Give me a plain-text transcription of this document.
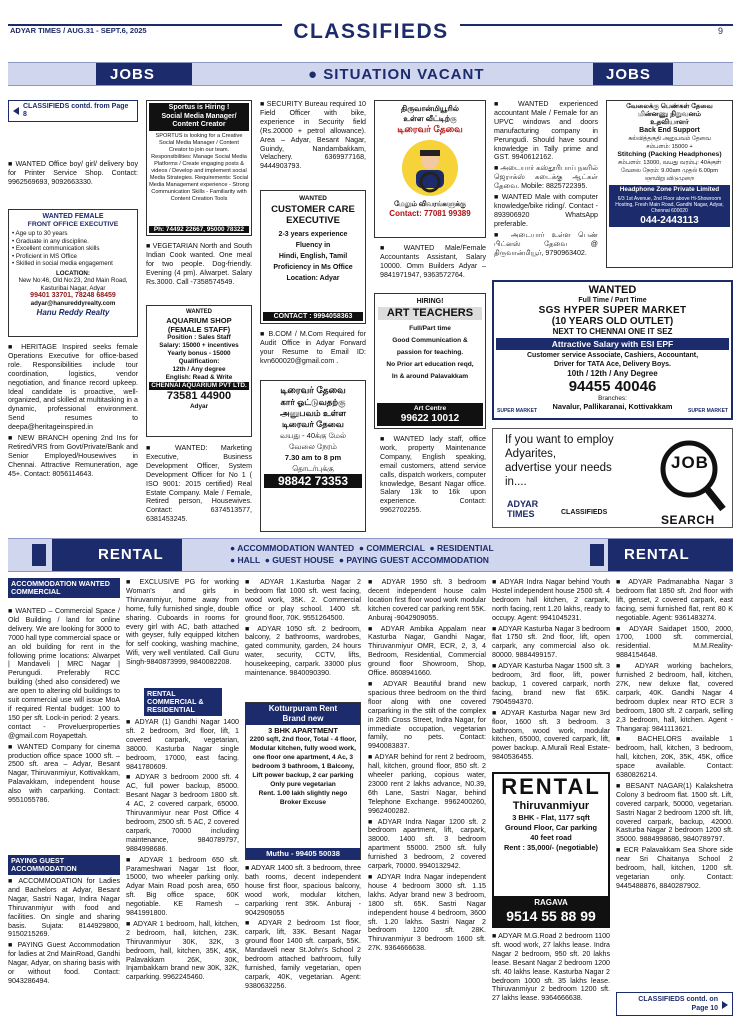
ADYAR TIMES / AUG.31 - SEPT.6, 2025	CLASSIFIEDS	9
JOBS	● SITUATION VACANT	JOBS
CLASSIFIEDS contd. from Page 8

■ WANTED Office boy/ girl/ delivery boy for Printer Service Shop. Contact: 9962569693, 9092663330.

WANTED FEMALE
FRONT OFFICE EXECUTIVE
• Age up to 30 years
• Graduate in any discipline.
• Excellent communication skills
• Proficient in MS Office
• Skilled in social media engagement
LOCATION:
New No:46, Old No:23, 2nd Main Road, Kasturibai Nagar, Adyar
99401 33701, 78248 68459
adyar@hanureddyrealty.com
Hanu Reddy Realty

■ HERITAGE Inspired seeks female Operations Executive for office-based role. Responsibilities include tour coordination, logistics, vendor negotiation, and finance record upkeep. Ideal candidate is proactive, well-organized, and skilled at multitasking in a dynamic, professional environment. Send resumes to deepa@heritageinspired.in

■ NEW BRANCH opening 2nd Ins for Retired/VRS from Govt/Private/Bank and Senior Employed/Housewives in Chennai. Attractive Remuneration, age 45+. Contact: 8056114643.

Sportus is Hiring !
Social Media Manager/ Content Creator
SPORTUS is looking for a Creative Social Media Manager / Content Creator to join our team. Responsibilities: Manage Social Media Platforms / Create engaging posts & videos / Develop and implement social Media Strategies. Requirements: Social Media Management experience - Strong Communication Skills - Familiarity with Content Creation Tools
Ph: 74492 22667, 95000 78322

■ VEGETARIAN North and South Indian Cook wanted. One meal for two people. Dog-friendly. Evening (4 pm). Alwarpet. Salary Rs.3000. Call -7358574549.

WANTED
AQUARIUM SHOP (FEMALE STAFF)
Position : Sales Staff
Salary: 15000 + incentives
Yearly bonus - 15000
Qualification:
12th / Any degree
English: Read & Write
CHENNAI AQUARIUM PVT LTD.
73581 44900
Adyar

■ WANTED: Marketing Executive, Business Development Officer, System Development Officer for No 1 ( ISO 9001: 2015 certified) Real Estate Company. Male / Female, Retired person, Housewives. Contact: 6374513577, 6381453245.

■ SECURITY Bureau required 10 Field Officer with bike, experience in Security field (Rs.20000 + petrol allowance). Area – Adyar, Besant Nagar, Guindy, Nandambakkam, Velachery. 6369977168, 9444903793.

WANTED
CUSTOMER CARE
EXECUTIVE
2-3 years experience
Fluency in
Hindi, English, Tamil
Proficiency in Ms Office
Location: Adyar
CONTACT : 9994058363

■ B.COM / M.Com Required for Audit Office in Adyar Forward your Resume to Email ID: kvn600020@gmail.com .

டிரைவர் தேவை
கார் ஓட்டுவதற்கு
அனுபவம் உள்ள
டிரைவர் தேவை
வயது - 40க்கு மேல்
வேலை நேரம்
7.30 am to 8 pm
தொடர்புக்கு
98842 73353
திருவான்மியூரில்
உள்ள வீட்டிற்கு
டிரைவர் தேவை
மேலும் விவரங்களுக்கு
Contact: 77081 99389

■ WANTED Male/Female Accountants Assistant, Salary 10000. Omm Builders Adyar – 9841971947, 9363572764.

HIRING!
ART TEACHERS
Full/Part time
Good Communication &
passion for teaching.
No Prior art education reqd,
In & around Palavakkam
Art Centre
99622 10012

■ WANTED lady staff, office work, property Maintenance Company, English speaking, email customers, attend service calls, dispatch workers, computer knowledge, Besant Nagar office. Salary 13k to 16k upon experience. Contact: 9962702255.

■ WANTED experienced accountant Male / Female for an UPVC windows and doors manufacturing company in Perungudi. Should have sound knowledge in Tally prime and GST. 9940612162.

■ அடையார் கஸ்தூரிபாய் நகரில் ஜெராக்ஸ் கடைக்கு ஆட்கள் தேவை. Mobile: 8825722395.

■ WANTED Male with computer knowledge/bike riding/. Contact - 893906920 WhatsApp preferable.

■ அடையார் உள்ள பெண் பிட்னஸ் தேவை @ திருவான்மியூர், 9790963402.

வேலைக்கு பெண்கள் தேவை
மின்னணு நிறுவனம்
உதவியாளர்
Back End Support
கல்வித்தகுதி அனுபவம் தேவை
சம்பளம்: 15000 +
Stitching (Packing Headphones)
சம்பளம்: 13000, வயது வரம்பு: 40க்குள்
வேலை நேரம்: 9.00am முதல் 6.00pm
ஞாயிறு விடுமுறை
Headphone Zone Private Limited
6/3 1st Avenue, 2nd Floor above Hi-Showroom Hosting, Fresh Main Road, Gandhi Nagar, Adyar, Chennai 600020
044-2443113
WANTED
Full Time / Part Time
SGS HYPER SUPER MARKET
(10 YEARS OLD OUTLET)
NEXT TO CHENNAI ONE IT SEZ
Attractive Salary with ESI EPF
Customer service Associate, Cashiers, Accountant,
Driver for TATA Ace, Delivery Boys.
10th / 12th / Any Degree
94455 40046
Branches:
Navalur, Pallikaranai, Kottivakkam
SUPER MARKET	SUPER MARKET
If you want to employ
Adyarites,
advertise your needs
in....
ADYAR
TIMES	CLASSIFIEDS
JOB
SEARCH
RENTAL	● ACCOMMODATION WANTED  ● COMMERCIAL  ● RESIDENTIAL
● HALL  ● GUEST HOUSE  ● PAYING GUEST ACCOMMODATION	RENTAL
ACCOMMODATION WANTED COMMERCIAL

■ WANTED – Commercial Space / Old Building / land for online delivery. We are looking for 3000 to 7000 hall type commercial space or an old building for rent in the following prime locations: Alwarpet | Mandaveli | MRC Nagar | Perungudi. Preferably RCC building (shed also considered) we are open to altering old buildings to suit commercial use will issue MoA if required Rental budget: 100 to 150 per sft. Lock-in period: 2 years. contact - Proveluerproperties @gmail.com Royapettah.

■ WANTED Company for cinema production office space 1000 sft. – 2500 sft. area – Adyar, Besant Nagar, Thiruvanmiyur, Kottivakkam, Palavakkam, independent house also with carparking. Contact: 9551055786.

PAYING GUEST ACCOMMODATION

■ ACCOMMODATION for Ladies and Bachelors at Adyar, Besant Nagar, Sastri Nagar, Indira Nagar Thiruvanmiyur with food and facilities. On single and sharing basis. Sujata: 8144929800, 9150215269.

■ PAYING Guest Accommodation for ladies at 2nd MainRoad, Gandhi Nagar, Adyar, on sharing basis with or without food. Contact: 9043286494.

■ EXCLUSIVE PG for working Woman's and girls in Thiruvanmiyur, home away from home, fully furnished single, double sharing. Cuboards in rooms for every girl with AC, bath attached with geyser, fully equipped kitchen for self cooking, washing machine, Wifi, very well ventilated. Call Guru Singh-9840873999, 9840082208.

RENTAL COMMERCIAL & RESIDENTIAL

■ ADYAR (1) Gandhi Nagar 1400 sft. 2 bedroom, 3rd floor, lift, 1 covered carpark, vegetarian, 38000. Kasturba Nagar single bedroom, 17000, east facing. 9841780609.

■ ADYAR 3 bedroom 2000 sft. 4 AC, full power backup, 85000. Besant Nagar 3 bedroom 1800 sft. 4 AC, 2 covered carpark, 65000. Thiruvanmiyur near Post Office 4 bedroom, 2500 sft. 5 AC, 2 covered carpark, 70000 including maintenance, 9840789797, 9884998686.

■ ADYAR 1 bedroom 650 sft. Parameshwari Nagar 1st floor, 15000, two wheeler parking only. Adyar Main Road posh area, 650 sft. Big office space, 60K negotiable. KE Ramesh – 9841991800.

■ ADYAR 1 bedroom, hall, kitchen, 2 bedroom, hall, kitchen, 23K. Thiruvanmiyur 30K, 32K, 3 bedroom, hall, kitchen, 35K, 45K, Palavakkam 26K, 30K, Injambakkam brand new 30K, 32K, carparking. 9962245460.

■ ADYAR 1.Kasturba Nagar 2 bedroom flat 1000 sft. west facing, wood work, 35K. 2. Commercial office or play school. 1400 sft. ground floor, 70K. 9551264500.

■ ADYAR 1050 sft. 2 bedroom, balcony, 2 bathrooms, wardrobes, gated community, garden, 24 hours water, security, CCTV, lifts, housekeeping, carpark. 33000 plus maintenance. 9840090390.

Kotturpuram Rent
Brand new
3 BHK APARTMENT
2200 sqft, 2nd floor, Total - 4 floor, Modular kitchen, fully wood work, one floor one apartment, 4 Ac, 3 bedroom 3 bathroom, 1 Balcony, Lift power backup, 2 car parking
Only pure vegetarian
Rent. 1.00 lakh slightly nego
Broker Excuse
Muthu - 99405 50038

■ ADYAR 1400 sft. 3 bedroom, three bath rooms, decent independent house first floor, spacious balcony, wood work, modular kitchen, carparking rent 35K. Anburaj - 9042909055

■ ADYAR 2 bedroom 1st floor, carpark, lift, 33K. Besant Nagar ground floor 1400 sft. carpark, 55K. Mandaveli near St.John's School 2 bedroom attached bathroom, fully furnished, family vegetarian, open carpark, 40K, vegetarian. Agent: 9380632256.

■ ADYAR 1950 sft. 3 bedroom decent independent house calm location first floor wood work modular kitchen covered car parking rent 55K. Anburaj -9042909055.

■ ADYAR Ambika Appalam near Kasturba Nagar, Gandhi Nagar, Thiruvanmiyur OMR, ECR, 2, 3, 4 Bedroom, Residential, Commercial ground floor Showroom, Shop, Office. 8608941660.

■ ADYAR Beautiful brand new spacious three bedroom on the third floor along with one covered carparking in the stilt of the complex in 28th Cross Street, Indra Nagar, for immediate occupation, vegetarian family, no pets. Contact: 9940083837.

■ ADYAR behind for rent 2 bedroom, hall, kitchen, ground floor, 850 sft. 2 wheeler parking, copious water, 23000 rent 2 lakhs advance, N0.39, 6th Lane, Sastri Nagar, behind Telephone Exchange. 9962400260, 9962400282.

■ ADYAR Indra Nagar 1200 sft. 2 bedroom apartment, lift, carpark, 38000. 1400 sft. 3 bedroom apartment 55000. 2500 sft. fully furnished 3 bedroom, 2 covered carpark, 70000. 9940132942.

■ ADYAR Indra Nagar independent house 4 bedroom 3000 sft. 1.15 lakhs. Adyar brand new 3 bedroom, 1800 sft. 65K. Sastri Nagar independent house 4 bedroom, 3600 sft. 1.20 lakhs. Sastri Nagar 2 bedroom 1200 sft. 28K. Thiruvanmiyur 3 bedroom 1600 sft. 27K. 9364666638.

■ ADYAR Indra Nagar behind Youth Hostel independent house 2500 sft. 4 bedroom hall kitchen, 2 carpark, north facing, rent 1.20 lakhs, ready to occupy. Agent: 9941045231.

■ ADYAR Kasturba Nagar 3 bedroom flat 1750 sft. 2nd floor, lift, open carpark, any commercial also ok. 80000. 9884499157.

■ ADYAR Kasturba Nagar 1500 sft. 3 bedroom, 3rd floor, lift, power backup, 1 covered carpark, north facing, brand new flat 65K. 7904594370.

■ ADYAR Kasturba Nagar new 3rd floor, 1600 sft. 3 bedroom. 3 bathroom, wood work, modular kitchen, 65000, covered carpark, lift, power backup. A.Murali Real Estate- 9840536455.

RENTAL
Thiruvanmiyur
3 BHK - Flat, 1177 sqft
Ground Floor, Car parking
40 feet road
Rent : 35,000/- (negotiable)
RAGAVA
9514 55 88 99

■ ADYAR M.G.Road 2 bedroom 1100 sft. wood work, 27 lakhs lease. Indra Nagar 2 bedroom, 950 sft. 20 lakhs lease. Besant Nagar 2 bedroom 1200 sft. 40 lakhs lease. Kasturba Nagar 2 bedroom 1000 sft. 35 lakhs lease. Thiruvanmiyur 2 bedroom 1200 sft. 27 lakhs lease. 9364666638.

■ ADYAR Padmanabha Nagar 3 bedroom flat 1850 sft. 2nd floor with lift, genset, 2 covered carpark, east facing, semi furnished flat, rent 80 K negotiable. Agent: 9361483274.

■ ADYAR Saidapet 1500, 2000, 1700, 1000 sft. commercial, residential. M.M.Reality- 9884154648.

■ ADYAR working bachelors, furnished 2 bedroom, hall, kitchen, 27K, new deluxe flat, covered carpark, 40K. Gandhi Nagar 4 bedroom duplex near RTO ECR 3 bedroom, 1800 sft. 2 carpark, selling 2,3 bedroom, hall, kitchen. Agent - Thangaraj: 9841113621.

■ BACHELORS available 1 bedroom, hall, kitchen, 3 bedroom, hall, kitchen, 20K, 35K, 45K, office space available. Contact: 6380826214.

■ BESANT NAGAR(1) Kalakshetra Colony 3 bedroom flat. 1500 sft. Lift, covered carpark, 50000, vegetarian. Sastri Nagar 2 bedroom 1200 sft. lift, covered carpark, backup, 42000. Kasturba Nagar 2 bedroom 1200 sft. 35000. 9884998686, 9840789797.

■ ECR Palavakkam Sea Shore side near Sri Chaitanya School 2 bedroom, hall, kitchen, 1200 sft. vegetarian only. Contact: 9445488876, 8840287902.

CLASSIFIEDS contd. on Page 10
